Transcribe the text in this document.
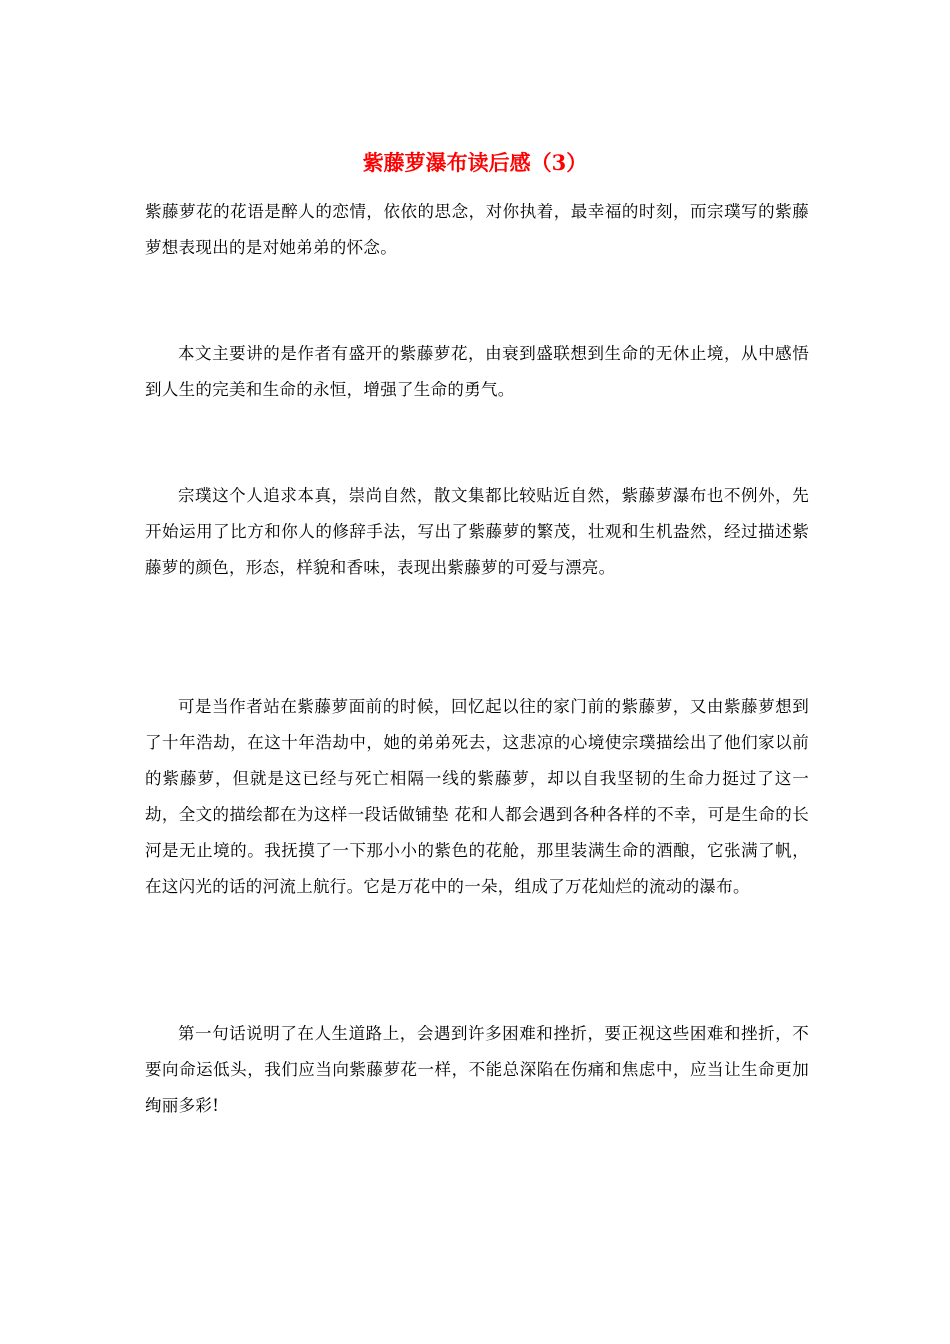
紫藤萝瀑布读后感（3）

紫藤萝花的花语是醉人的恋情，依依的思念，对你执着，最幸福的时刻，而宗璞写的紫藤萝想表现出的是对她弟弟的怀念。

本文主要讲的是作者有盛开的紫藤萝花，由衰到盛联想到生命的无休止境，从中感悟到人生的完美和生命的永恒，增强了生命的勇气。

宗璞这个人追求本真，崇尚自然，散文集都比较贴近自然，紫藤萝瀑布也不例外，先开始运用了比方和你人的修辞手法，写出了紫藤萝的繁茂，壮观和生机盎然，经过描述紫藤萝的颜色，形态，样貌和香味，表现出紫藤萝的可爱与漂亮。

可是当作者站在紫藤萝面前的时候，回忆起以往的家门前的紫藤萝，又由紫藤萝想到了十年浩劫，在这十年浩劫中，她的弟弟死去，这悲凉的心境使宗璞描绘出了他们家以前的紫藤萝，但就是这已经与死亡相隔一线的紫藤萝，却以自我坚韧的生命力挺过了这一劫，全文的描绘都在为这样一段话做铺垫 花和人都会遇到各种各样的不幸，可是生命的长河是无止境的。我抚摸了一下那小小的紫色的花舱，那里装满生命的酒酿，它张满了帆，在这闪光的话的河流上航行。它是万花中的一朵，组成了万花灿烂的流动的瀑布。

第一句话说明了在人生道路上，会遇到许多困难和挫折，要正视这些困难和挫折，不要向命运低头，我们应当向紫藤萝花一样，不能总深陷在伤痛和焦虑中，应当让生命更加绚丽多彩!
